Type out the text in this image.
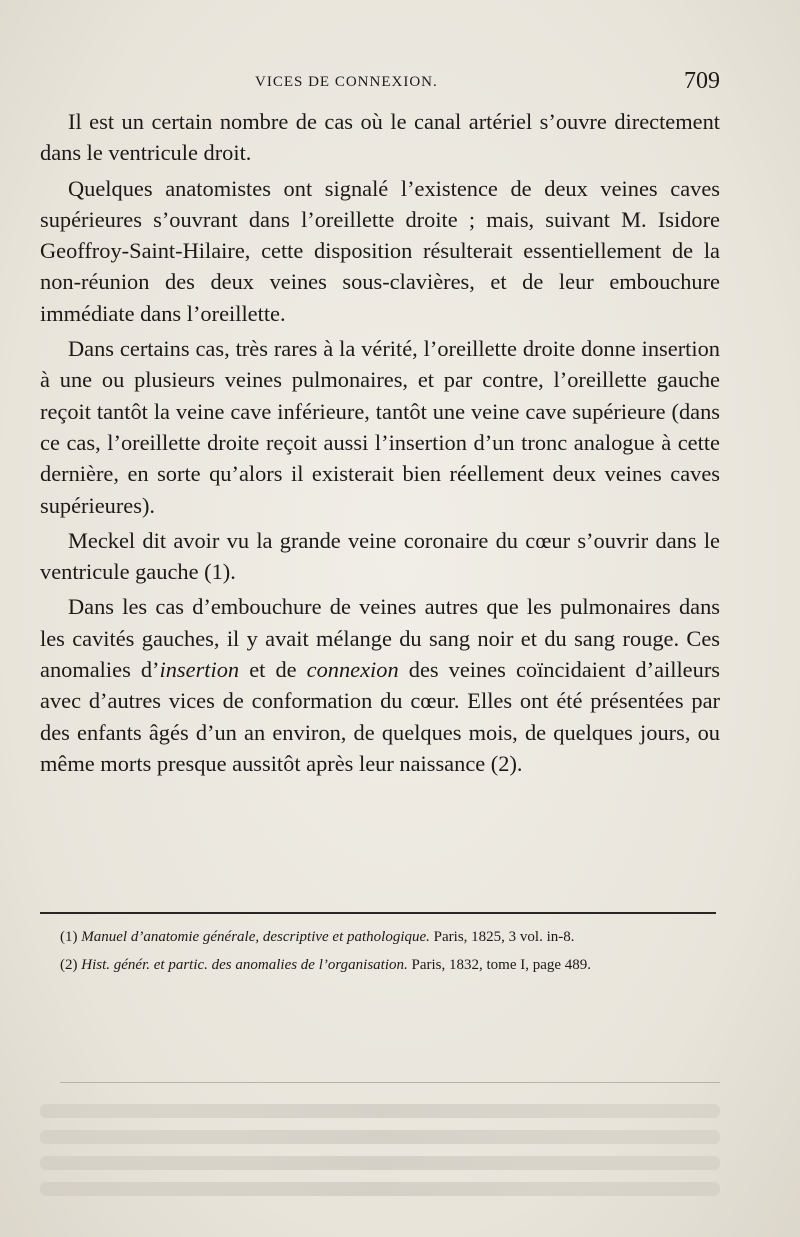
VICES DE CONNEXION.	709

Il est un certain nombre de cas où le canal artériel s’ouvre directement dans le ventricule droit.

Quelques anatomistes ont signalé l’existence de deux veines caves supérieures s’ouvrant dans l’oreillette droite ; mais, suivant M. Isidore Geoffroy-Saint-Hilaire, cette disposition résulterait essentiellement de la non-réunion des deux veines sous-clavières, et de leur embouchure immédiate dans l’oreillette.

Dans certains cas, très rares à la vérité, l’oreillette droite donne insertion à une ou plusieurs veines pulmonaires, et par contre, l’oreillette gauche reçoit tantôt la veine cave inférieure, tantôt une veine cave supérieure (dans ce cas, l’oreillette droite reçoit aussi l’insertion d’un tronc analogue à cette dernière, en sorte qu’alors il existerait bien réellement deux veines caves supérieures).

Meckel dit avoir vu la grande veine coronaire du cœur s’ouvrir dans le ventricule gauche (1).

Dans les cas d’embouchure de veines autres que les pulmonaires dans les cavités gauches, il y avait mélange du sang noir et du sang rouge. Ces anomalies d’insertion et de connexion des veines coïncidaient d’ailleurs avec d’autres vices de conformation du cœur. Elles ont été présentées par des enfants âgés d’un an environ, de quelques mois, de quelques jours, ou même morts presque aussitôt après leur naissance (2).

(1) Manuel d’anatomie générale, descriptive et pathologique. Paris, 1825, 3 vol. in-8.

(2) Hist. génér. et partic. des anomalies de l’organisation. Paris, 1832, tome I, page 489.
